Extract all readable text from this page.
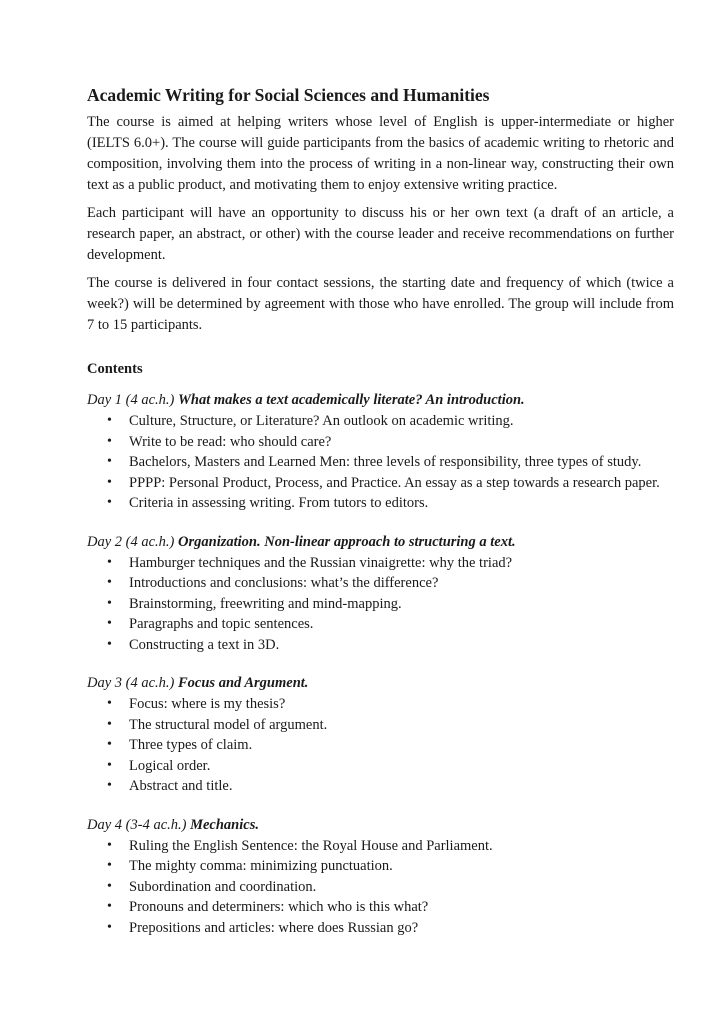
Academic Writing for Social Sciences and Humanities

The course is aimed at helping writers whose level of English is upper-intermediate or higher (IELTS 6.0+). The course will guide participants from the basics of academic writing to rhetoric and composition, involving them into the process of writing in a non-linear way, constructing their own text as a public product, and motivating them to enjoy extensive writing practice.

Each participant will have an opportunity to discuss his or her own text (a draft of an article, a research paper, an abstract, or other) with the course leader and receive recommendations on further development.

The course is delivered in four contact sessions, the starting date and frequency of which (twice a week?) will be determined by agreement with those who have enrolled. The group will include from 7 to 15 participants.

Contents

Day 1 (4 ac.h.) What makes a text academically literate? An introduction.

•	Culture, Structure, or Literature? An outlook on academic writing.
•	Write to be read: who should care?
•	Bachelors, Masters and Learned Men: three levels of responsibility, three types of study.
•	PPPP: Personal Product, Process, and Practice. An essay as a step towards a research paper.
•	Criteria in assessing writing. From tutors to editors.

Day 2 (4 ac.h.) Organization. Non-linear approach to structuring a text.

•	Hamburger techniques and the Russian vinaigrette: why the triad?
•	Introductions and conclusions: what’s the difference?
•	Brainstorming, freewriting and mind-mapping.
•	Paragraphs and topic sentences.
•	Constructing a text in 3D.

Day 3 (4 ac.h.) Focus and Argument.

•	Focus: where is my thesis?
•	The structural model of argument.
•	Three types of claim.
•	Logical order.
•	Abstract and title.

Day 4 (3-4 ac.h.) Mechanics.

•	Ruling the English Sentence: the Royal House and Parliament.
•	The mighty comma: minimizing punctuation.
•	Subordination and coordination.
•	Pronouns and determiners: which who is this what?
•	Prepositions and articles: where does Russian go?
